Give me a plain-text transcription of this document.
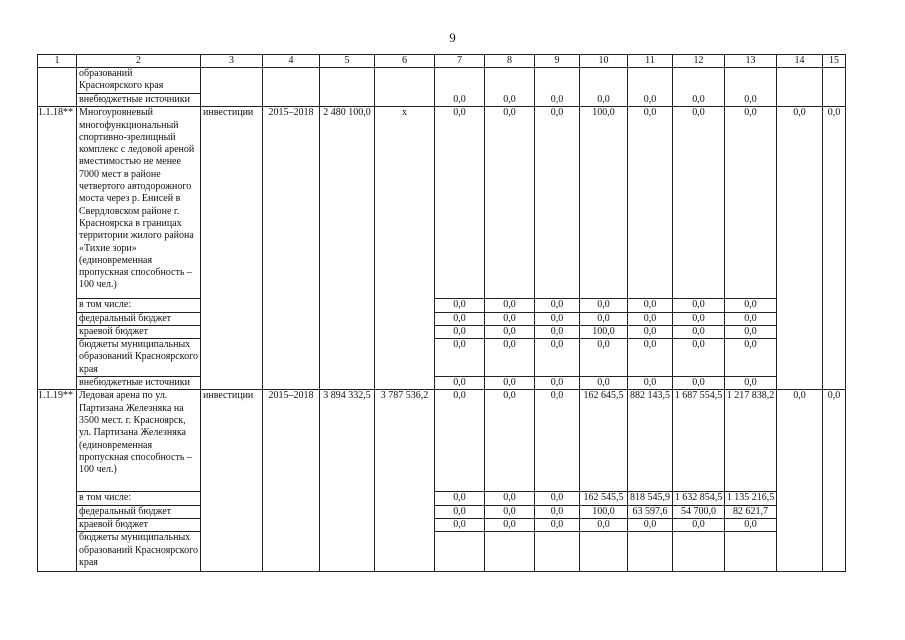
9
1	2	3	4	5	6	7	8	9	10	11	12	13	14	15
	образований
Красноярского края													
	внебюджетные источники					0,0	0,0	0,0	0,0	0,0	0,0	0,0		
1.1.18**	Многоуровневый многофункциональный спортивно-зрелищный комплекс с ледовой ареной вместимостью не менее 7000 мест в районе четвертого автодорожного моста через р. Енисей в Свердловском районе г. Красноярска в границах территории жилого района «Тихие зори» (единовременная пропускная способность – 100 чел.)	инвестиции	2015–2018	2 480 100,0	х	0,0	0,0	0,0	100,0	0,0	0,0	0,0	0,0	0,0
	в том числе:					0,0	0,0	0,0	0,0	0,0	0,0	0,0		
	федеральный бюджет					0,0	0,0	0,0	0,0	0,0	0,0	0,0		
	краевой бюджет					0,0	0,0	0,0	100,0	0,0	0,0	0,0		
	бюджеты муниципальных образований Красноярского края					0,0	0,0	0,0	0,0	0,0	0,0	0,0		
	внебюджетные источники					0,0	0,0	0,0	0,0	0,0	0,0	0,0		
1.1.19**	Ледовая арена по ул. Партизана Железняка на 3500 мест. г. Красноярск, ул. Партизана Железняка (единовременная пропускная способность – 100 чел.)	инвестиции	2015–2018	3 894 332,5	3 787 536,2	0,0	0,0	0,0	162 645,5	882 143,5	1 687 554,5	1 217 838,2	0,0	0,0
	в том числе:					0,0	0,0	0,0	162 545,5	818 545,9	1 632 854,5	1 135 216,5		
	федеральный бюджет					0,0	0,0	0,0	100,0	63 597,6	54 700,0	82 621,7		
	краевой бюджет					0,0	0,0	0,0	0,0	0,0	0,0	0,0		
	бюджеты муниципальных образований Красноярского края													
